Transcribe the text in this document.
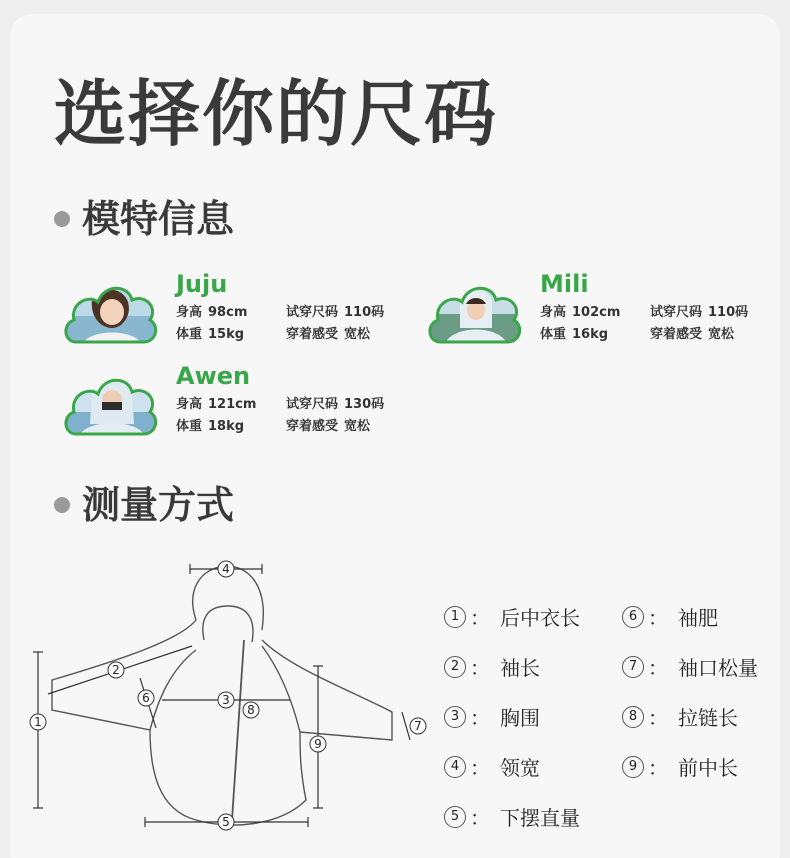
选择你的尺码
模特信息
Juju
身高 98cm	试穿尺码 110码
体重 15kg	穿着感受 宽松
Mili
身高 102cm	试穿尺码 110码
体重 16kg	穿着感受 宽松
Awen
身高 121cm	试穿尺码 130码
体重 18kg	穿着感受 宽松
测量方式
4
1
2
6	3
8
7
9
5
1 ： 后中衣长
2 ： 袖长
3 ： 胸围
4 ： 领宽
5 ： 下摆直量
6 ： 袖肥
7 ： 袖口松量
8 ： 拉链长
9 ： 前中长
